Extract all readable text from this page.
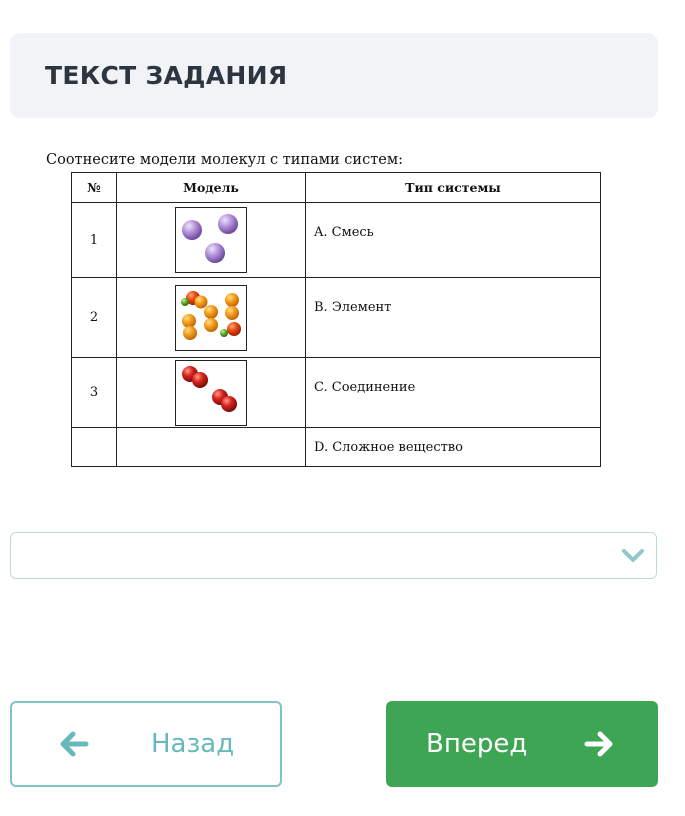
ТЕКСТ ЗАДАНИЯ
Соотнесите модели молекул с типами систем:
№	Модель	Тип системы
1		A. Смесь

2		B. Элемент

3		C. Соединение

		D. Сложное вещество
Назад	Вперед
